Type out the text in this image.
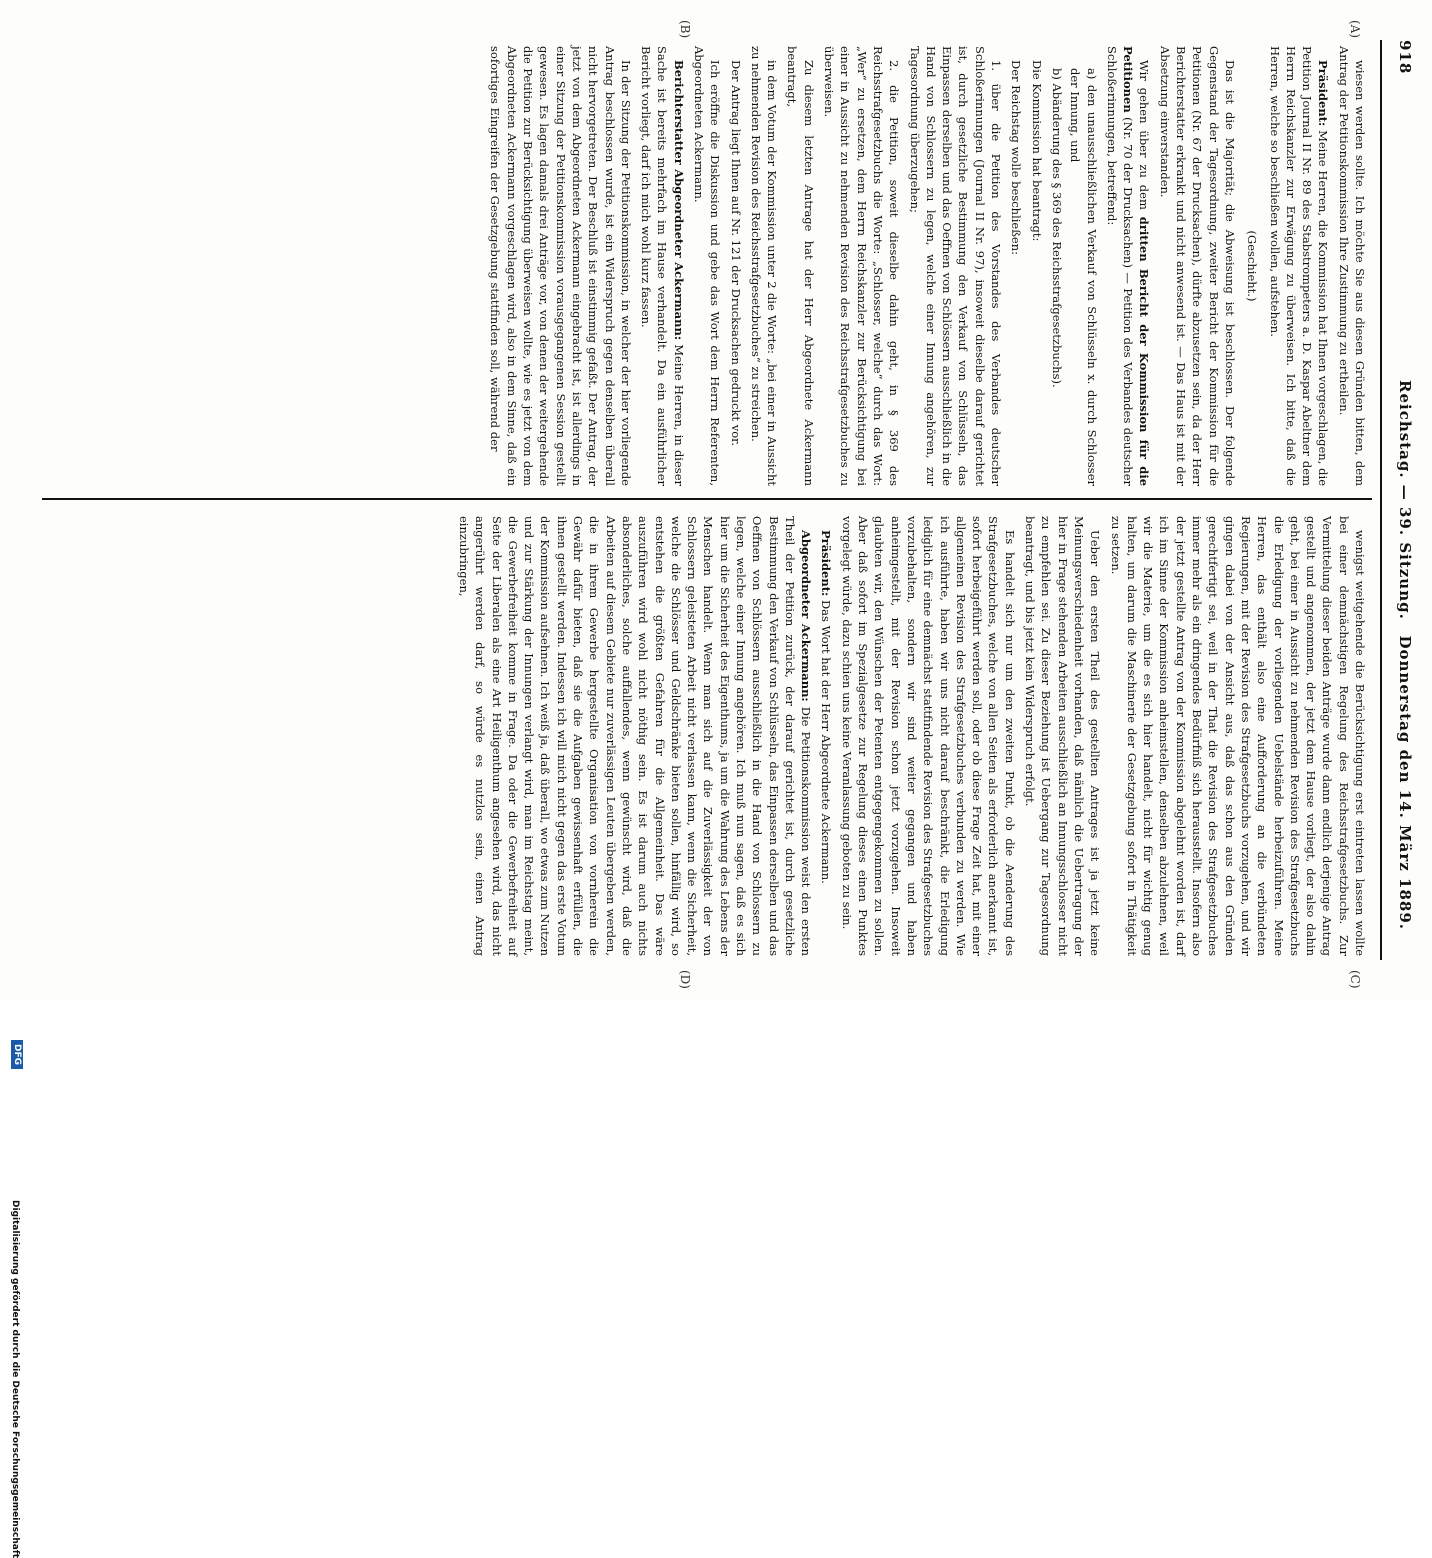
918
Reichstag. — 39. Sitzung.
Donnerstag den 14. März 1889.
(A)
(B)
(C)
(D)

wiesen werden sollte. Ich möchte Sie aus diesen Gründen bitten, dem Antrag der Petitionskommission Ihre Zustimmung zu ertheilen.

Präsident: Meine Herren, die Kommission hat Ihnen vorgeschlagen, die Petition Journal II Nr. 89 des Stabstrompeters a. D. Kaspar Abeltner dem Herrn Reichskanzler zur Erwägung zu überweisen. Ich bitte, daß die Herren, welche so beschließen wollen, aufstehen.

(Geschieht.)

Das ist die Majorität; die Abweisung ist beschlossen. Der folgende Gegenstand der Tagesordnung, zweiter Bericht der Kommission für die Petitionen (Nr. 67 der Drucksachen), dürfte abzusetzen sein, da der Herr Berichterstatter erkrankt und nicht anwesend ist. — Das Haus ist mit der Absetzung einverstanden.

Wir gehen über zu dem dritten Bericht der Kommission für die Petitionen (Nr. 70 der Drucksachen) — Petition des Verbandes deutscher Schloßerinnungen, betreffend:

a) den unausschließlichen Verkauf von Schlüsseln x. durch Schlosser der Innung, und
b) Abänderung des § 369 des Reichsstrafgesetzbuchs).

Die Kommission hat beantragt:

Der Reichstag wolle beschließen:

1. über die Petition des Vorstandes des Verbandes deutscher Schloßerinnungen (Journal II Nr. 97), insoweit dieselbe darauf gerichtet ist, durch gesetzliche Bestimmung den Verkauf von Schlüsseln, das Einpassen derselben und das Oeffnen von Schlössern ausschließlich in die Hand von Schlossern zu legen, welche einer Innung angehören, zur Tagesordnung überzugehen;

2. die Petition, soweit dieselbe dahin geht, in § 369 des Reichsstrafgesetzbuchs die Worte: „Schlosser, welche“ durch das Wort: „Wer“ zu ersetzen, dem Herrn Reichskanzler zur Berücksichtigung bei einer in Aussicht zu nehmenden Revision des Reichsstrafgesetzbuches zu überweisen.

Zu diesem letzten Antrage hat der Herr Abgeordnete Ackermann beantragt,

in dem Votum der Kommission unter 2 die Worte: „bei einer in Aussicht zu nehmenden Revision des Reichsstrafgesetzbuches“ zu streichen.

Der Antrag liegt Ihnen auf Nr. 121 der Drucksachen gedruckt vor.

Ich eröffne die Diskussion und gebe das Wort dem Herrn Referenten, Abgeordneten Ackermann.

Berichterstatter Abgeordneter Ackermann: Meine Herren, in dieser Sache ist bereits mehrfach im Hause verhandelt. Da ein ausführlicher Bericht vorliegt, darf ich mich wohl kurz fassen.

In der Sitzung der Petitionskommission, in welcher der hier vorliegende Antrag beschlossen wurde, ist ein Widerspruch gegen denselben überall nicht hervorgetreten. Der Beschluß ist einstimmig gefaßt. Der Antrag, der jetzt von dem Abgeordneten Ackermann eingebracht ist, ist allerdings in einer Sitzung der Petitionskommission vorausgegangenen Session gestellt gewesen. Es lagen damals drei Anträge vor, von denen der weitergehende die Petition zur Berücksichtigung überweisen wollte, wie es jetzt von dem Abgeordneten Ackermann vorgeschlagen wird, also in dem Sinne, daß ein sofortiges Eingreifen der Gesetzgebung stattfinden soll, während der

wenigst weitgehende die Berücksichtigung erst eintreten lassen wollte bei einer demnächstigen Regelung des Reichsstrafgesetzbuchs. Zur Vermittelung dieser beiden Anträge wurde dann endlich derjenige Antrag gestellt und angenommen, der jetzt dem Hause vorliegt, der also dahin geht, bei einer in Aussicht zu nehmenden Revision des Strafgesetzbuchs die Erledigung der vorliegenden Uebelstände herbeizuführen. Meine Herren, das enthält also eine Aufforderung an die verbündeten Regierungen, mit der Revision des Strafgesetzbuchs vorzugehen, und wir gingen dabei von der Ansicht aus, daß das schon aus den Gründen gerechtfertigt sei, weil in der That die Revision des Strafgesetzbuches immer mehr als ein dringendes Bedürfniß sich herausstellt. Insofern also der jetzt gestellte Antrag von der Kommission abgelehnt worden ist, darf ich im Sinne der Kommission anheimstellen, denselben abzulehnen, weil wir die Materie, um die es sich hier handelt, nicht für wichtig genug halten, um darum die Maschinerie der Gesetzgebung sofort in Thätigkeit zu setzen.

Ueber den ersten Theil des gestellten Antrages ist ja jetzt keine Meinungsverschiedenheit vorhanden, daß nämlich die Uebertragung der hier in Frage stehenden Arbeiten ausschließlich an Innungsschlosser nicht zu empfehlen sei. Zu dieser Beziehung ist Uebergang zur Tagesordnung beantragt, und bis jetzt kein Widerspruch erfolgt.

Es handelt sich nur um den zweiten Punkt, ob die Aenderung des Strafgesetzbuches, welche von allen Seiten als erforderlich anerkannt ist, sofort herbeigeführt werden soll, oder ob diese Frage Zeit hat, mit einer allgemeinen Revision des Strafgesetzbuches verbunden zu werden. Wie ich ausführte, haben wir uns nicht darauf beschränkt, die Erledigung lediglich für eine demnächst stattfindende Revision des Strafgesetzbuches vorzubehalten, sondern wir sind weiter gegangen und haben anheimgestellt, mit der Revision schon jetzt vorzugehen. Insoweit glaubten wir, den Wünschen der Petenten entgegengekommen zu sollen. Aber daß sofort im Spezialgesetze zur Regelung dieses einen Punktes vorgelegt würde, dazu schien uns keine Veranlassung geboten zu sein.

Präsident: Das Wort hat der Herr Abgeordnete Ackermann.

Abgeordneter Ackermann: Die Petitionskommission weist den ersten Theil der Petition zurück, der darauf gerichtet ist, durch gesetzliche Bestimmung den Verkauf von Schlüsseln, das Einpassen derselben und das Oeffnen von Schlössern ausschließlich in die Hand von Schlossern zu legen, welche einer Innung angehören. Ich muß nun sagen, daß es sich hier um die Sicherheit des Eigenthums, ja um die Wahrung des Lebens der Menschen handelt. Wenn man sich auf die Zuverlässigkeit der von Schlossern geleisteten Arbeit nicht verlassen kann, wenn die Sicherheit, welche die Schlösser und Geldschränke bieten sollen, hinfällig wird, so entstehen die größten Gefahren für die Allgemeinheit. Das wäre auszuführen wird wohl nicht nöthig sein. Es ist darum auch nichts absonderliches, solche auffallendes, wenn gewünscht wird, daß die Arbeiten auf diesem Gebiete nur zuverlässigen Leuten übergeben werden, die in ihrem Gewerbe hergestellte Organisation von vornherein die Gewähr dafür bieten, daß sie die Aufgaben gewissenhaft erfüllen, die ihnen gestellt werden. Indessen ich will mich nicht gegen das erste Votum der Kommission aufsehnen. Ich weiß ja, daß überall, wo etwas zum Nutzen und zur Stärkung der Innungen verlangt wird, man im Reichstag meint, die Gewerbefreiheit komme in Frage. Da oder die Gewerbefreiheit auf Seite der Liberalen als eine Art Heiligenthum angesehen wird, das nicht angerührt werden darf, so würde es nutzlos sein, einen Antrag einzubringen,

DFG
Digitalisierung gefördert durch die Deutsche Forschungsgemeinschaft
